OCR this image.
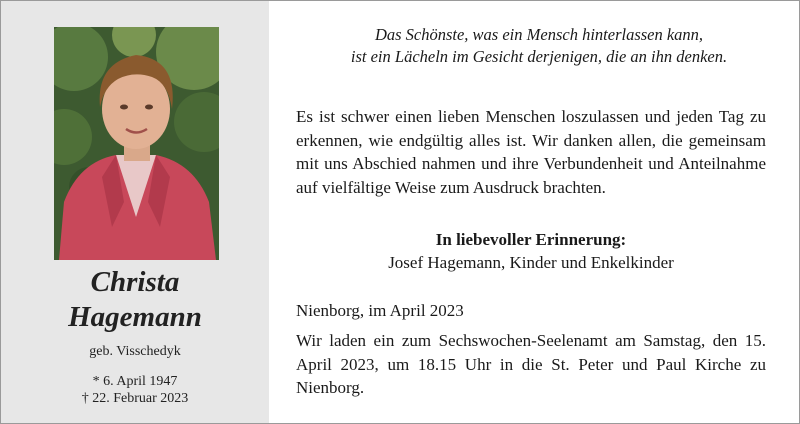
Christa
Hagemann
geb. Visschedyk
* 6. April 1947
† 22. Februar 2023
Das Schönste, was ein Mensch hinterlassen kann,
ist ein Lächeln im Gesicht derjenigen, die an ihn denken.
Es ist schwer einen lieben Menschen loszulassen und jeden Tag zu erkennen, wie endgültig alles ist. Wir danken allen, die gemeinsam mit uns Abschied nahmen und ihre Verbundenheit und Anteilnahme auf vielfältige Weise zum Ausdruck brachten.
In liebevoller Erinnerung:
Josef Hagemann, Kinder und Enkelkinder
Nienborg, im April 2023
Wir laden ein zum Sechswochen-Seelenamt am Samstag, den 15. April 2023, um 18.15 Uhr in die St. Peter und Paul Kirche zu Nienborg.
